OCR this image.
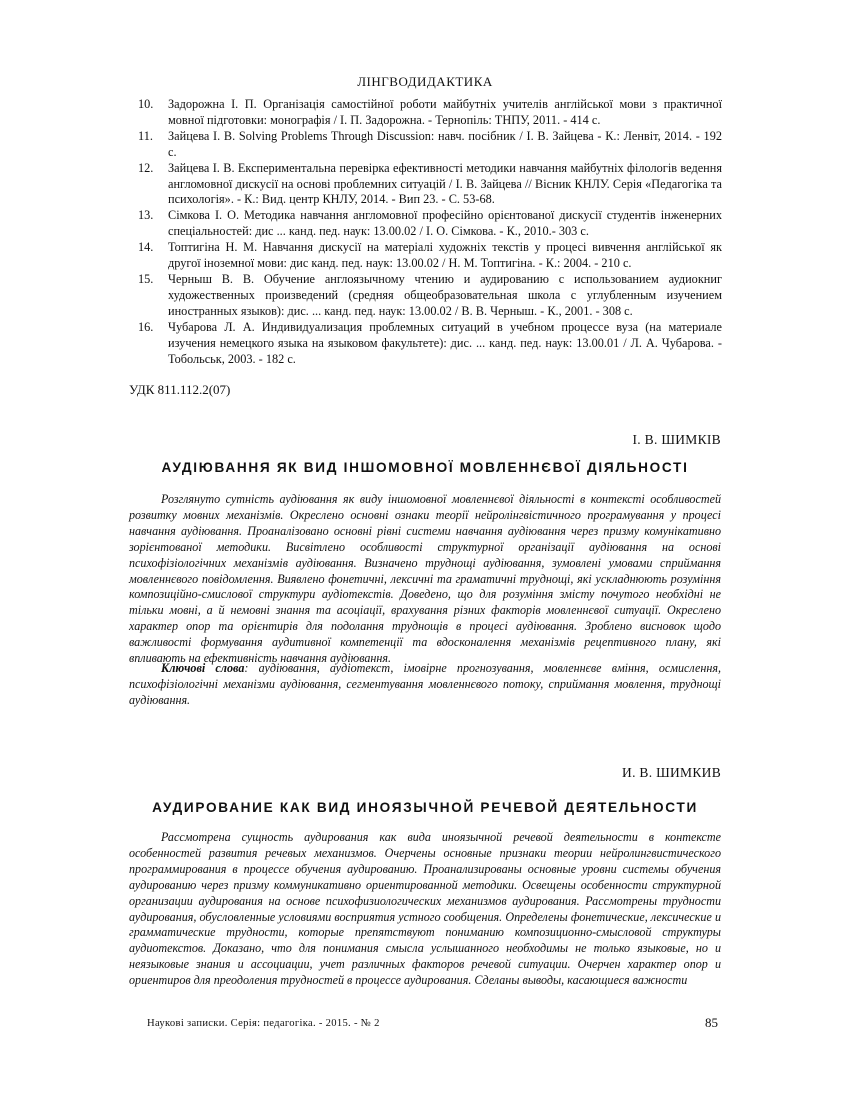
ЛІНГВОДИДАКТИКА
10.	Задорожна І. П. Організація самостійної роботи майбутніх учителів англійської мови з практичної мовної підготовки: монографія / І. П. Задорожна. - Тернопіль: ТНПУ, 2011. - 414 с.
11.	Зайцева І. В. Solving Problems Through Discussion: навч. посібник / І. В. Зайцева - К.: Ленвіт, 2014. - 192 с.
12.	Зайцева І. В. Експериментальна перевірка ефективності методики навчання майбутніх філологів ведення англомовної дискусії на основі проблемних ситуацій / І. В. Зайцева // Вісник КНЛУ. Серія «Педагогіка та психологія». - К.: Вид. центр КНЛУ, 2014. - Вип 23. - С. 53-68.
13.	Сімкова І. О. Методика навчання англомовної професійно орієнтованої дискусії студентів інженерних спеціальностей: дис ... канд. пед. наук: 13.00.02 / І. О. Сімкова. - К., 2010.- 303 с.
14.	Топтигіна Н. М. Навчання дискусії на матеріалі художніх текстів у процесі вивчення англійської як другої іноземної мови: дис канд. пед. наук: 13.00.02 / Н. М. Топтигіна. - К.: 2004. - 210 с.
15.	Черныш В. В. Обучение англоязычному чтению и аудированию с использованием аудиокниг художественных произведений (средняя общеобразовательная школа с углубленным изучением иностранных языков): дис. ... канд. пед. наук: 13.00.02 / В. В. Черныш. - К., 2001. - 308 с.
16.	Чубарова Л. А. Индивидуализация проблемных ситуаций в учебном процессе вуза (на материале изучения немецкого языка на языковом факультете): дис. ... канд. пед. наук: 13.00.01 / Л. А. Чубарова. - Тобольськ, 2003. - 182 с.
УДК 811.112.2(07)
І. В. ШИМКІВ
АУДІЮВАННЯ ЯК ВИД ІНШОМОВНОЇ МОВЛЕННЄВОЇ ДІЯЛЬНОСТІ

Розглянуто сутність аудіювання як виду іншомовної мовленнєвої діяльності в контексті особливостей розвитку мовних механізмів. Окреслено основні ознаки теорії нейролінгвістичного програмування у процесі навчання аудіювання. Проаналізовано основні рівні системи навчання аудіювання через призму комунікативно зорієнтованої методики. Висвітлено особливості структурної організації аудіювання на основі психофізіологічних механізмів аудіювання. Визначено труднощі аудіювання, зумовлені умовами сприймання мовленнєвого повідомлення. Виявлено фонетичні, лексичні та граматичні труднощі, які ускладнюють розуміння композиційно-смислової структури аудіотекстів. Доведено, що для розуміння змісту почутого необхідні не тільки мовні, а й немовні знання та асоціації, врахування різних факторів мовленнєвої ситуації. Окреслено характер опор та орієнтирів для подолання труднощів в процесі аудіювання. Зроблено висновок щодо важливості формування аудитивної компетенції та вдосконалення механізмів рецептивного плану, які впливають на ефективність навчання аудіювання.

Ключові слова: аудіювання, аудіотекст, імовірне прогнозування, мовленнєве вміння, осмислення, психофізіологічні механізми аудіювання, сегментування мовленнєвого потоку, сприймання мовлення, труднощі аудіювання.

И. В. ШИМКИВ
АУДИРОВАНИЕ КАК ВИД ИНОЯЗЫЧНОЙ РЕЧЕВОЙ ДЕЯТЕЛЬНОСТИ

Рассмотрена сущность аудирования как вида иноязычной речевой деятельности в контексте особенностей развития речевых механизмов. Очерчены основные признаки теории нейролингвистического программирования в процессе обучения аудированию. Проанализированы основные уровни системы обучения аудированию через призму коммуникативно ориентированной методики. Освещены особенности структурной организации аудирования на основе психофизиологических механизмов аудирования. Рассмотрены трудности аудирования, обусловленные условиями восприятия устного сообщения. Определены фонетические, лексические и грамматические трудности, которые препятствуют пониманию композиционно-смысловой структуры аудиотекстов. Доказано, что для понимания смысла услышанного необходимы не только языковые, но и неязыковые знания и ассоциации, учет различных факторов речевой ситуации. Очерчен характер опор и ориентиров для преодоления трудностей в процессе аудирования. Сделаны выводы, касающиеся важности

Наукові записки. Серія: педагогіка. - 2015. - № 2	85
